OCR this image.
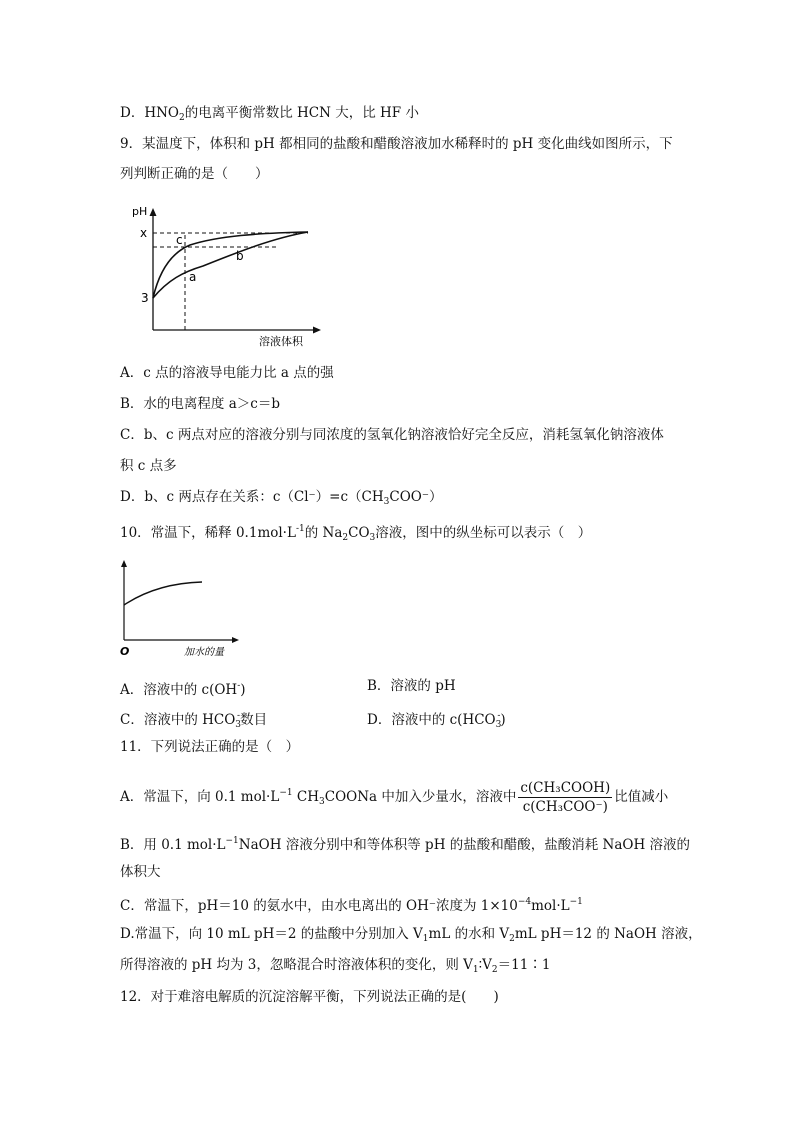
D．$HNO_2$的电离平衡常数比 HCN 大，比 HF 小
9．某温度下，体积和 pH 都相同的盐酸和醋酸溶液加水稀释时的 pH 变化曲线如图所示，下
列判断正确的是（　　）
pH
x
3
c
b
a
溶液体积
A．c 点的溶液导电能力比 a 点的强
B．水的电离程度 a＞c＝b
C．b、c 两点对应的溶液分别与同浓度的氢氧化钠溶液恰好完全反应，消耗氢氧化钠溶液体
积 c 点多
D．b、c 两点存在关系：$c(Cl^-)=c(CH_3COO^-)$
10．常温下，稀释 $0.1mol\cdot L^{-1}$的 $Na_2CO_3$溶液，图中的纵坐标可以表示（　）
O	加水的量
A．溶液中的 c(OH-)	B．溶液的 pH
C．溶液中的 $HCO_3^-$数目	D．溶液中的 $c(HCO_3^-)$
11．下列说法正确的是（　）
A．常温下，向 0.1 $mol\cdot L^{-1}$ $CH_3COONa$ 中加入少量水，溶液中 $\frac{\text{c(CH₃COOH)}}{\text{c(CH₃COO⁻)}}$ 比值减小
B．用 0.1 $mol\cdot L^{-1}NaOH$ 溶液分别中和等体积等 pH 的盐酸和醋酸，盐酸消耗 NaOH 溶液的
体积大
C．常温下，pH＝10 的氨水中，由水电离出的 OH⁻浓度为 $1\times 10^{-4}mol\cdot L^{-1}$
D.常温下，向 10 mL pH＝2 的盐酸中分别加入 $V_1mL$ 的水和 $V_2mL$ pH＝12 的 NaOH 溶液，
所得溶液的 pH 均为 3，忽略混合时溶液体积的变化，则 $V_1∶V_2=11∶1$
12．对于难溶电解质的沉淀溶解平衡，下列说法正确的是(　　)
